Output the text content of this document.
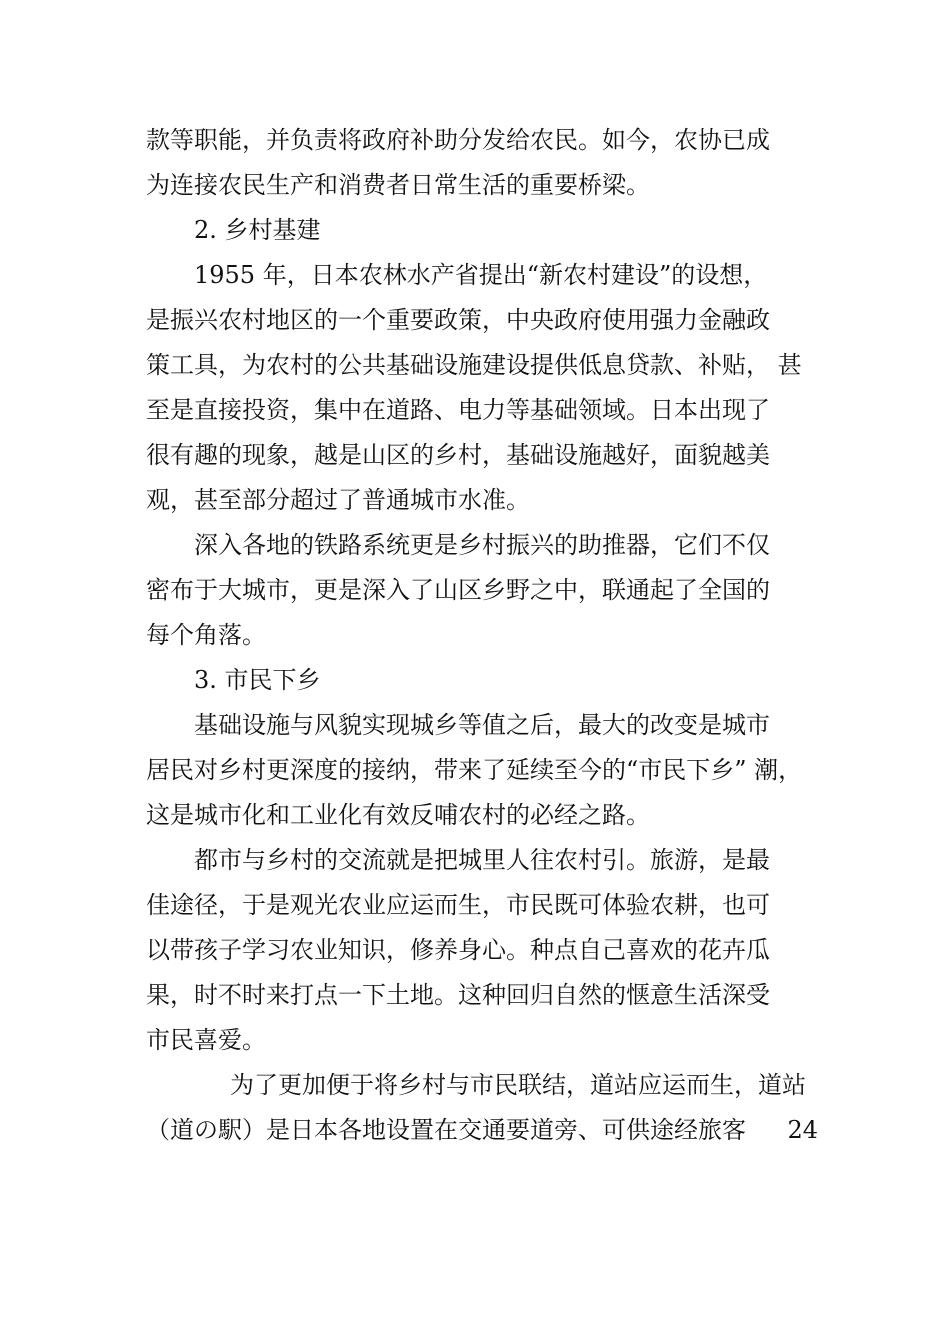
款等职能，并负责将政府补助分发给农民。如今，农协已成
为连接农民生产和消费者日常生活的重要桥梁。
2. 乡村基建
1955 年，日本农林水产省提出“新农村建设”的设想，
是振兴农村地区的一个重要政策，中央政府使用强力金融政
策工具，为农村的公共基础设施建设提供低息贷款、补贴， 甚
至是直接投资，集中在道路、电力等基础领域。日本出现了
很有趣的现象，越是山区的乡村，基础设施越好，面貌越美
观，甚至部分超过了普通城市水准。
深入各地的铁路系统更是乡村振兴的助推器，它们不仅
密布于大城市，更是深入了山区乡野之中，联通起了全国的
每个角落。
3. 市民下乡
基础设施与风貌实现城乡等值之后，最大的改变是城市
居民对乡村更深度的接纳，带来了延续至今的“市民下乡” 潮，
这是城市化和工业化有效反哺农村的必经之路。
都市与乡村的交流就是把城里人往农村引。旅游，是最
佳途径，于是观光农业应运而生，市民既可体验农耕，也可
以带孩子学习农业知识，修养身心。种点自己喜欢的花卉瓜
果，时不时来打点一下土地。这种回归自然的惬意生活深受
市民喜爱。
为了更加便于将乡村与市民联结，道站应运而生，道站
（道の駅）是日本各地设置在交通要道旁、可供途经旅客 24
